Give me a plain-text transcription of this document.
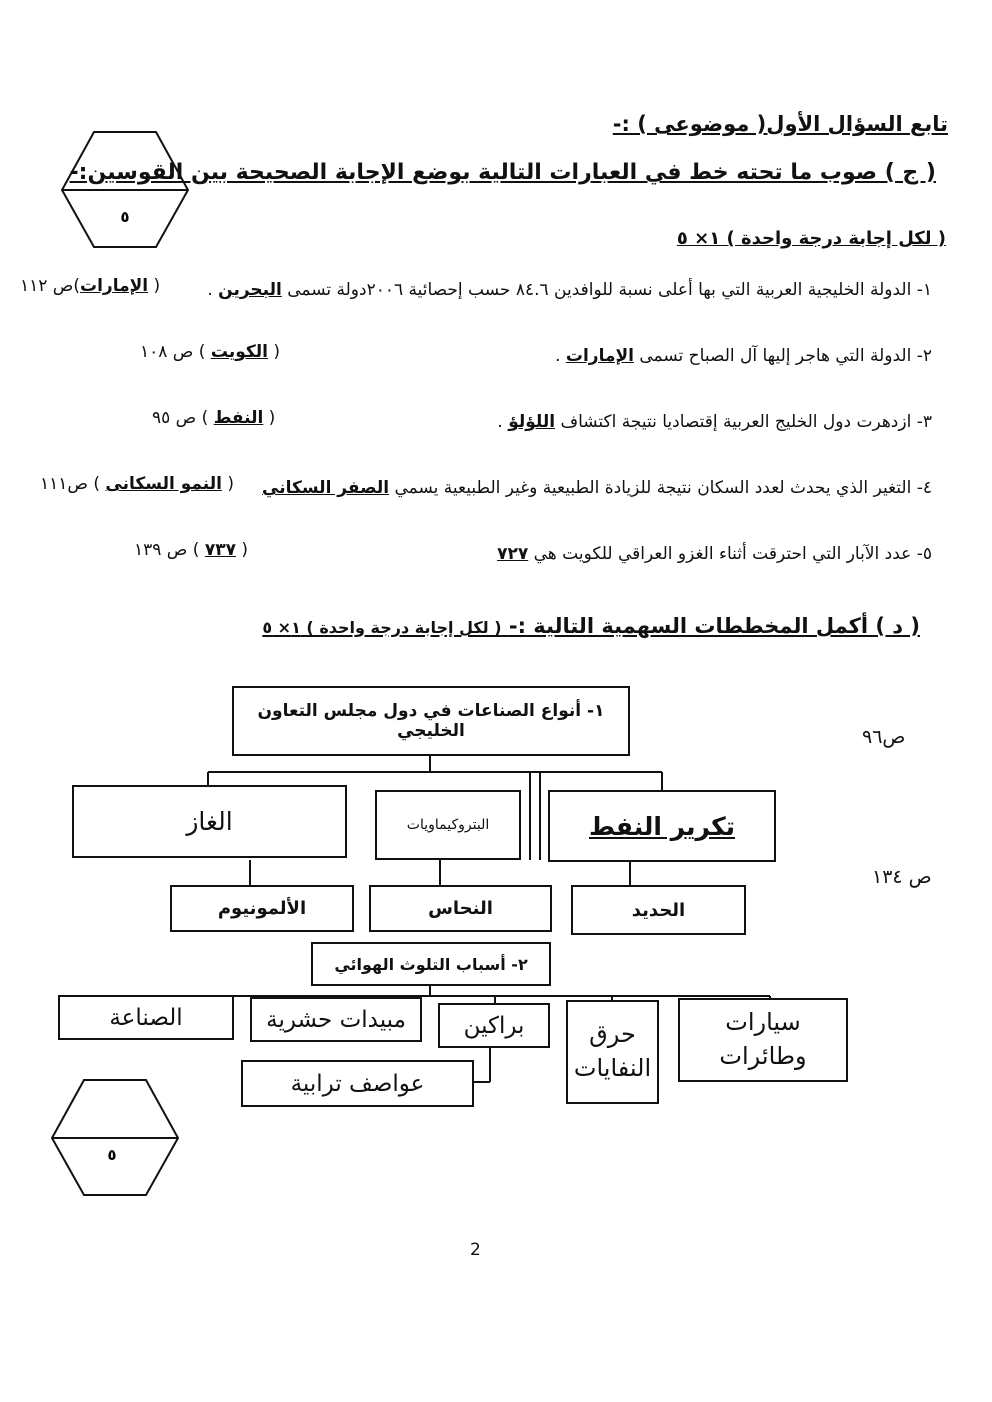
تابع السؤال الأول( موضوعى ) :-
٥
( ج ) صوب ما تحته خط في العبارات التالية بوضع الإجابة الصحيحة بين القوسين:-
( لكل إجابة درجة واحدة ) ١× ٥
١- الدولة الخليجية العربية التي بها أعلى نسبة للوافدين ٨٤.٦ حسب إحصائية ٢٠٠٦دولة تسمى البحرين .
( الإمارات)ص ١١٢
٢- الدولة التي هاجر إليها آل الصباح تسمى الإمارات .
( الكويت ) ص ١٠٨
٣- ازدهرت دول الخليج العربية إقتصاديا نتيجة اكتشاف اللؤلؤ .
( النفط ) ص ٩٥
٤- التغير الذي يحدث لعدد السكان نتيجة للزيادة الطبيعية وغير الطبيعية يسمي الصفر السكاني
( النمو السكانى ) ص١١١
٥- عدد الآبار التي احترقت أثناء الغزو العراقي للكويت هي ٧٢٧
( ٧٣٧ ) ص ١٣٩
( د ) أكمل المخططات السهمية التالية :- ( لكل إجابة درجة واحدة ) ١× ٥
١- أنواع الصناعات في دول مجلس التعاون الخليجي	ص٩٦
تكرير النفط
البتروكيماويات
الغاز
ص ١٣٤
الحديد
النحاس
الألمونيوم
٢- أسباب التلوث الهوائي
سيارات وطائرات
حرق النفايات
براكين
مبيدات حشرية
الصناعة
عواصف ترابية
٥
2
